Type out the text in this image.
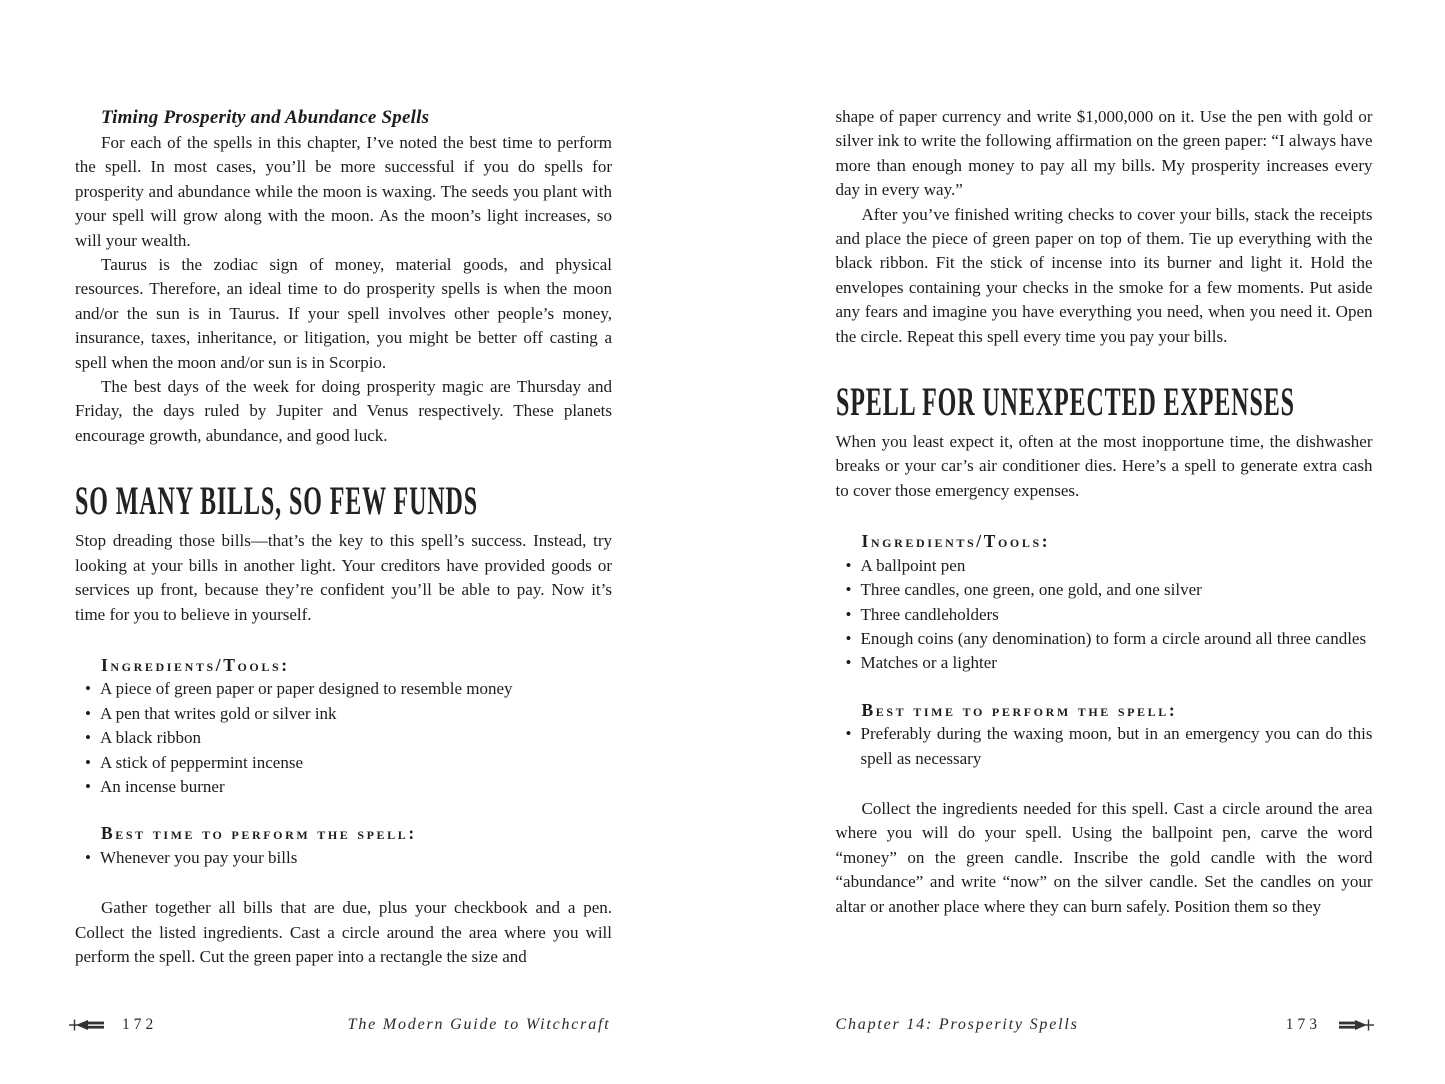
Timing Prosperity and Abundance Spells

For each of the spells in this chapter, I’ve noted the best time to perform the spell. In most cases, you’ll be more successful if you do spells for prosperity and abundance while the moon is waxing. The seeds you plant with your spell will grow along with the moon. As the moon’s light increases, so will your wealth.

Taurus is the zodiac sign of money, material goods, and physical resources. Therefore, an ideal time to do prosperity spells is when the moon and/or the sun is in Taurus. If your spell involves other people’s money, insurance, taxes, inheritance, or litigation, you might be better off casting a spell when the moon and/or sun is in Scorpio.

The best days of the week for doing prosperity magic are Thursday and Friday, the days ruled by Jupiter and Venus respectively. These planets encourage growth, abundance, and good luck.

SO MANY BILLS, SO FEW FUNDS

Stop dreading those bills—that’s the key to this spell’s success. Instead, try looking at your bills in another light. Your creditors have provided goods or services up front, because they’re confident you’ll be able to pay. Now it’s time for you to believe in yourself.

Ingredients/Tools:
• A piece of green paper or paper designed to resemble money
• A pen that writes gold or silver ink
• A black ribbon
• A stick of peppermint incense
• An incense burner
Best time to perform the spell:
• Whenever you pay your bills

Gather together all bills that are due, plus your checkbook and a pen. Collect the listed ingredients. Cast a circle around the area where you will perform the spell. Cut the green paper into a rectangle the size and

172	The Modern Guide to Witchcraft

shape of paper currency and write $1,000,000 on it. Use the pen with gold or silver ink to write the following affirmation on the green paper: “I always have more than enough money to pay all my bills. My prosperity increases every day in every way.”

After you’ve finished writing checks to cover your bills, stack the receipts and place the piece of green paper on top of them. Tie up everything with the black ribbon. Fit the stick of incense into its burner and light it. Hold the envelopes containing your checks in the smoke for a few moments. Put aside any fears and imagine you have everything you need, when you need it. Open the circle. Repeat this spell every time you pay your bills.

SPELL FOR UNEXPECTED EXPENSES

When you least expect it, often at the most inopportune time, the dishwasher breaks or your car’s air conditioner dies. Here’s a spell to generate extra cash to cover those emergency expenses.

Ingredients/Tools:
• A ballpoint pen
• Three candles, one green, one gold, and one silver
• Three candleholders
• Enough coins (any denomination) to form a circle around all three candles
• Matches or a lighter
Best time to perform the spell:
• Preferably during the waxing moon, but in an emergency you can do this spell as necessary

Collect the ingredients needed for this spell. Cast a circle around the area where you will do your spell. Using the ballpoint pen, carve the word “money” on the green candle. Inscribe the gold candle with the word “abundance” and write “now” on the silver candle. Set the candles on your altar or another place where they can burn safely. Position them so they

Chapter 14: Prosperity Spells	173
